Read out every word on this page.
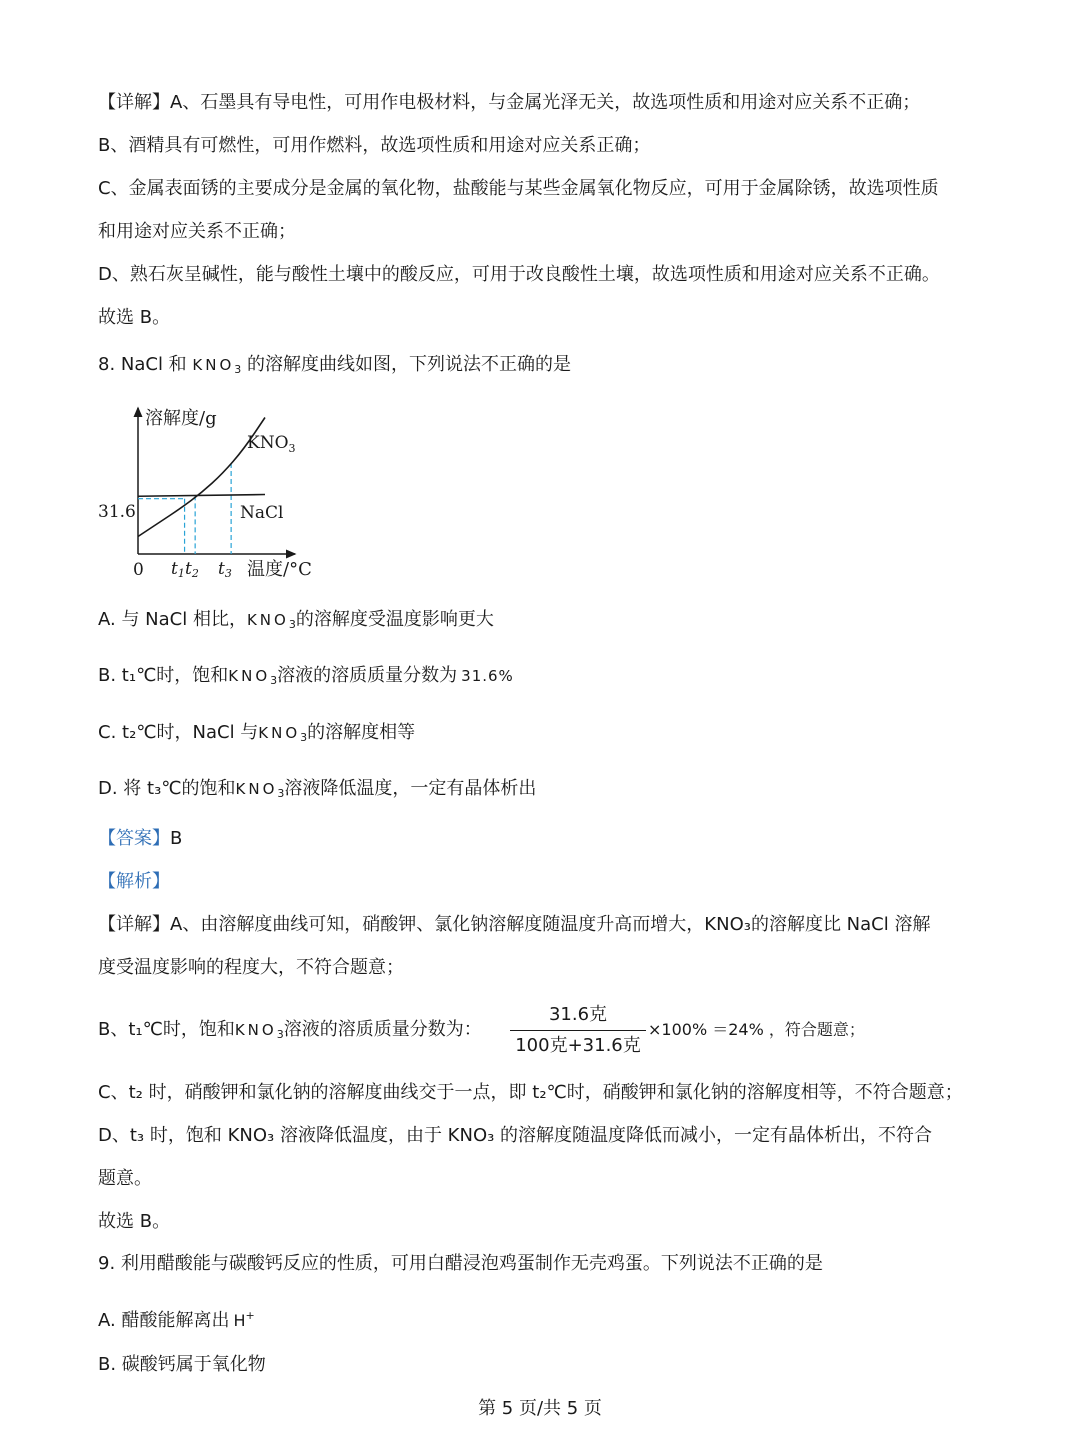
【详解】A、石墨具有导电性，可用作电极材料，与金属光泽无关，故选项性质和用途对应关系不正确；
B、酒精具有可燃性，可用作燃料，故选项性质和用途对应关系正确；
C、金属表面锈的主要成分是金属的氧化物，盐酸能与某些金属氧化物反应，可用于金属除锈，故选项性质
和用途对应关系不正确；
D、熟石灰呈碱性，能与酸性土壤中的酸反应，可用于改良酸性土壤，故选项性质和用途对应关系不正确。
故选 B。
8. NaCl 和 $KNO_3$ 的溶解度曲线如图，下列说法不正确的是
溶解度/g
温度/°C
0
31.6
$KNO_3$
NaCl
t1 t2 t3
A. 与 NaCl 相比，$KNO_3$的溶解度受温度影响更大
B. t₁℃时，饱和$KNO_3$溶液的溶质质量分数为 31.6%
C. t₂℃时，NaCl 与$KNO_3$的溶解度相等
D. 将 t₃℃的饱和$KNO_3$溶液降低温度，一定有晶体析出
【答案】B
【解析】
【详解】A、由溶解度曲线可知，硝酸钾、氯化钠溶解度随温度升高而增大，KNO₃的溶解度比 NaCl 溶解
度受温度影响的程度大，不符合题意；
B、t₁℃时，饱和$KNO_3$溶液的溶质质量分数为：
31.6克
100克+31.6克
×100% ＝24% ，符合题意；
C、t₂ 时，硝酸钾和氯化钠的溶解度曲线交于一点，即 t₂℃时，硝酸钾和氯化钠的溶解度相等，不符合题意；
D、t₃ 时，饱和 KNO₃ 溶液降低温度，由于 KNO₃ 的溶解度随温度降低而减小，一定有晶体析出，不符合
题意。
故选 B。
9. 利用醋酸能与碳酸钙反应的性质，可用白醋浸泡鸡蛋制作无壳鸡蛋。下列说法不正确的是
A. 醋酸能解离出 H+
B. 碳酸钙属于氧化物
第 5 页/共 5 页
